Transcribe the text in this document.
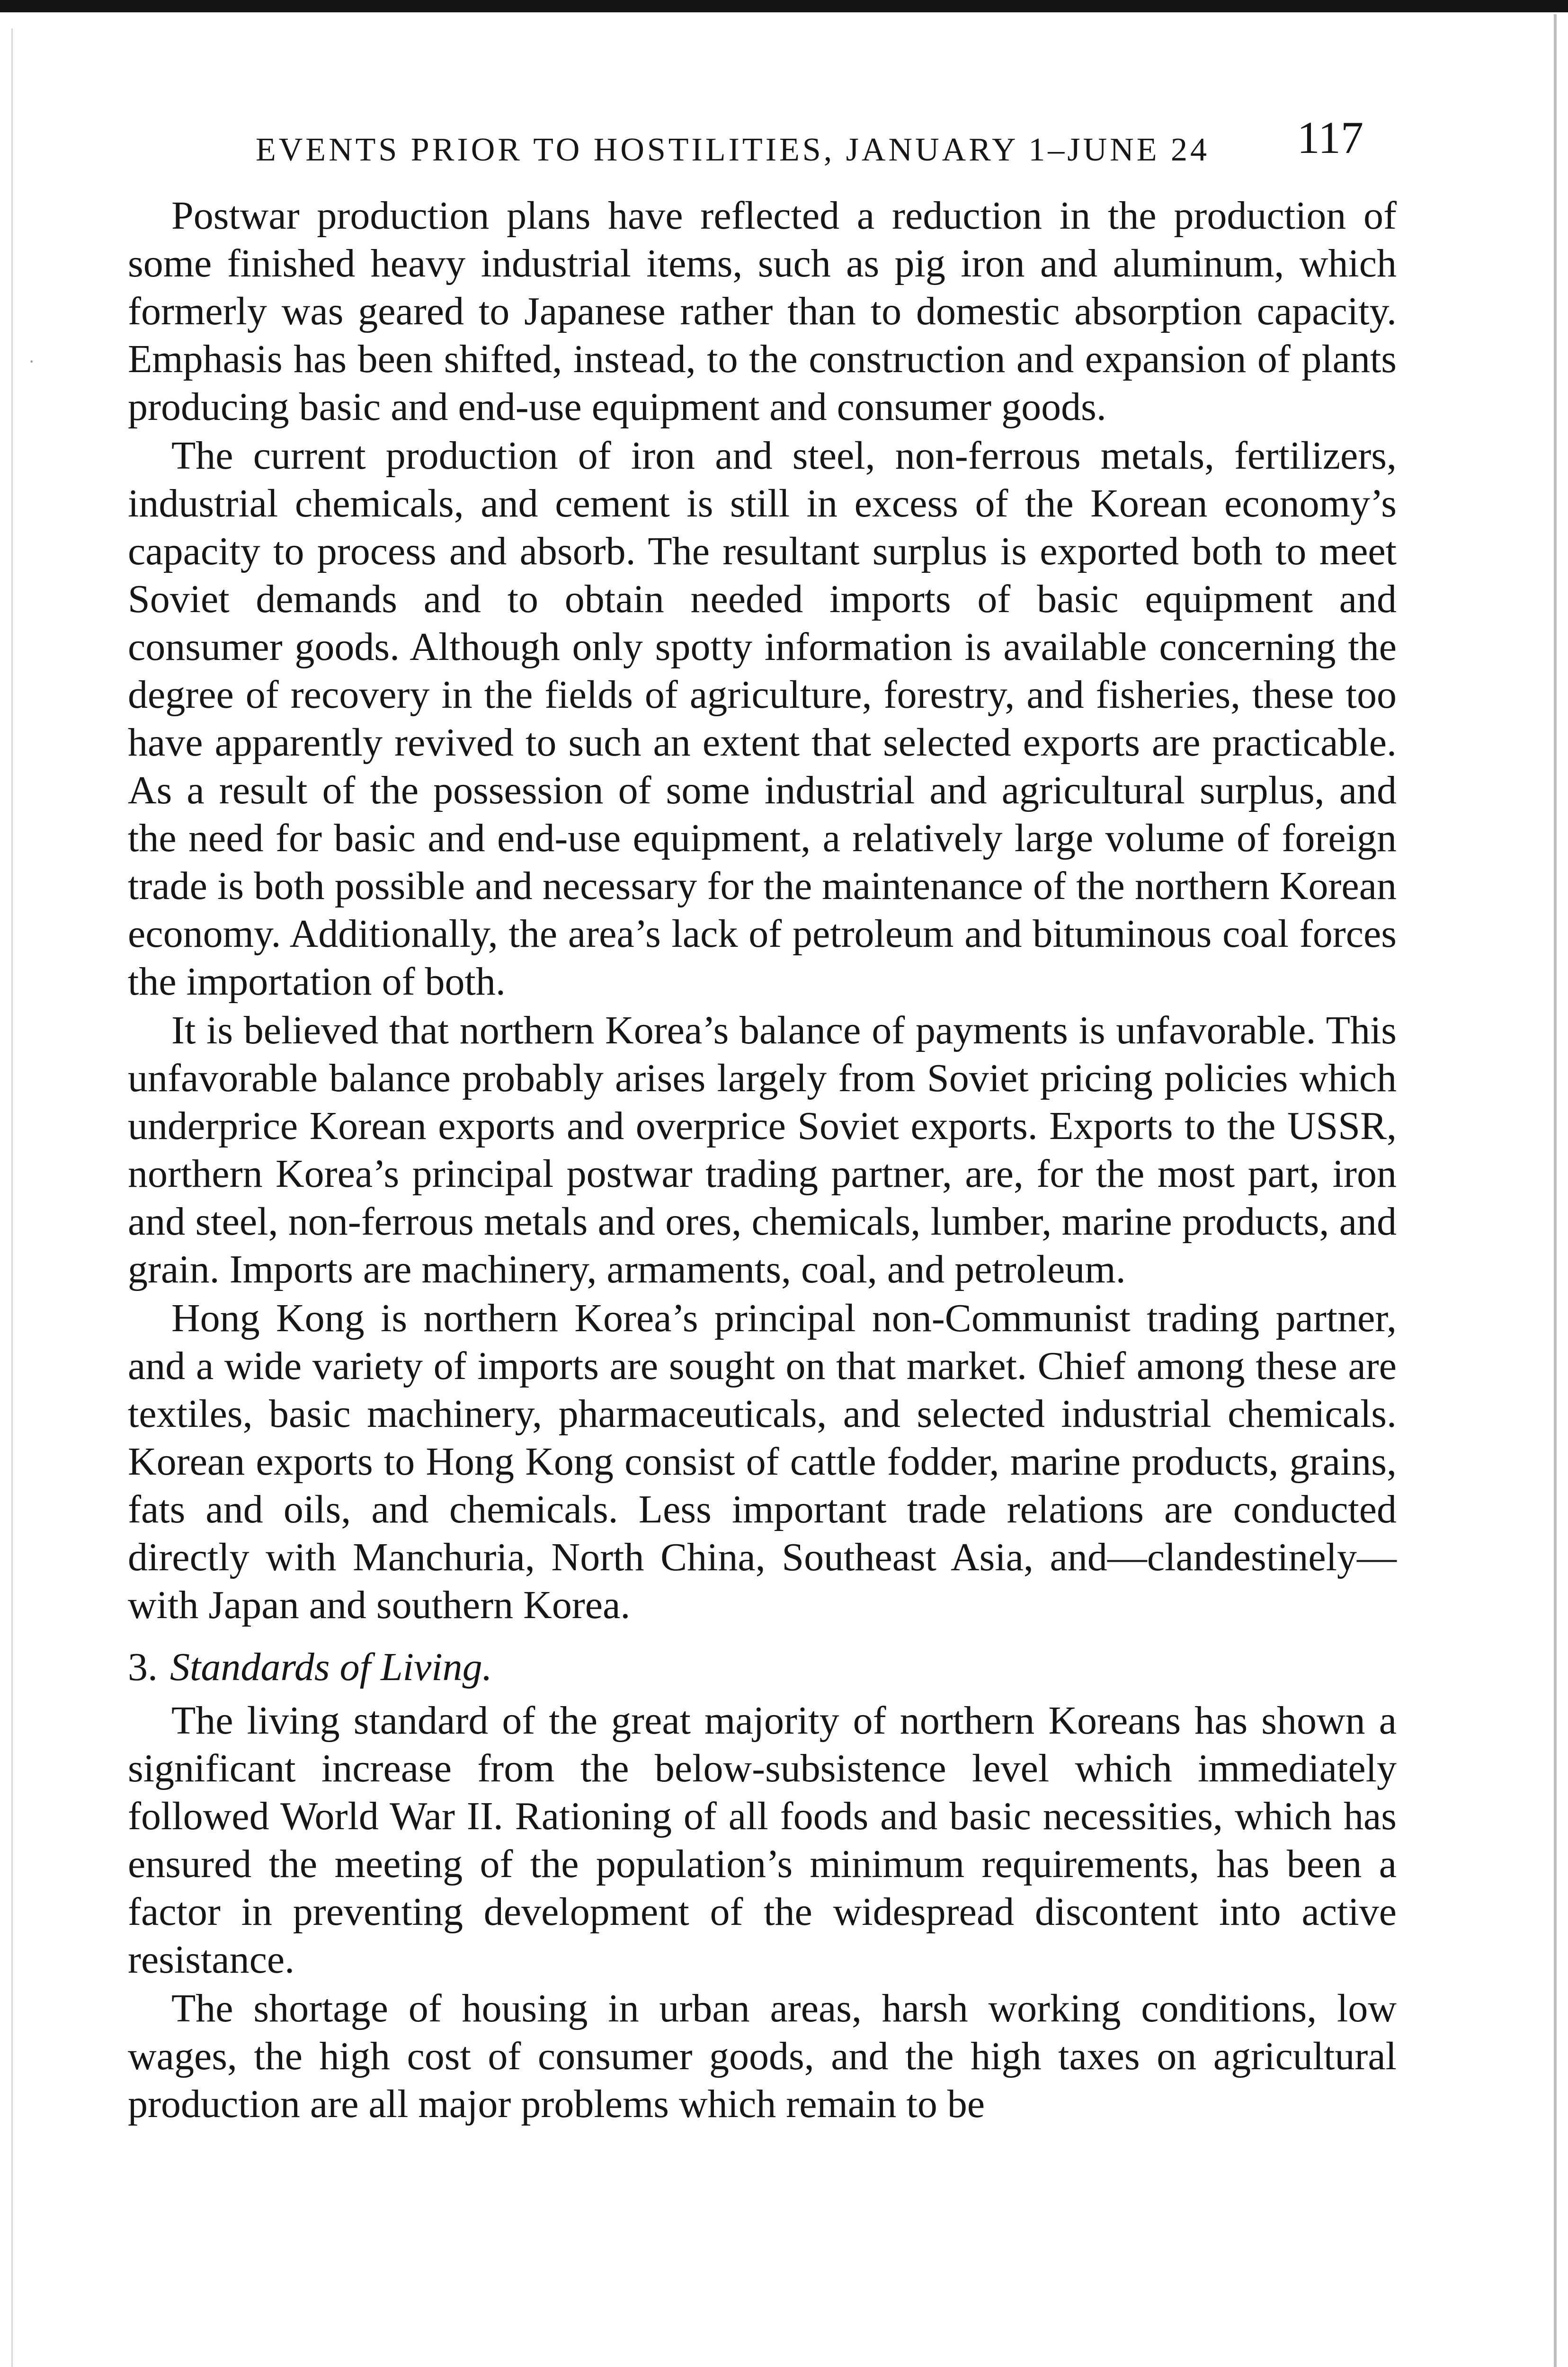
·
EVENTS PRIOR TO HOSTILITIES, JANUARY 1–JUNE 24 117

Postwar production plans have reflected a reduction in the production of some finished heavy industrial items, such as pig iron and aluminum, which formerly was geared to Japanese rather than to domestic absorption capacity. Emphasis has been shifted, instead, to the construction and expansion of plants producing basic and end-use equipment and consumer goods.

The current production of iron and steel, non-ferrous metals, fertilizers, industrial chemicals, and cement is still in excess of the Korean economy’s capacity to process and absorb. The resultant surplus is exported both to meet Soviet demands and to obtain needed imports of basic equipment and consumer goods. Although only spotty information is available concerning the degree of recovery in the fields of agriculture, forestry, and fisheries, these too have apparently revived to such an extent that selected exports are practicable. As a result of the possession of some industrial and agricultural surplus, and the need for basic and end-use equipment, a relatively large volume of foreign trade is both possible and necessary for the maintenance of the northern Korean economy. Additionally, the area’s lack of petroleum and bituminous coal forces the importation of both.

It is believed that northern Korea’s balance of payments is unfavorable. This unfavorable balance probably arises largely from Soviet pricing policies which underprice Korean exports and overprice Soviet exports. Exports to the USSR, northern Korea’s principal postwar trading partner, are, for the most part, iron and steel, non-ferrous metals and ores, chemicals, lumber, marine products, and grain. Imports are machinery, armaments, coal, and petroleum.

Hong Kong is northern Korea’s principal non-Communist trading partner, and a wide variety of imports are sought on that market. Chief among these are textiles, basic machinery, pharmaceuticals, and selected industrial chemicals. Korean exports to Hong Kong consist of cattle fodder, marine products, grains, fats and oils, and chemicals. Less important trade relations are conducted directly with Manchuria, North China, Southeast Asia, and—clandestinely—with Japan and southern Korea.

3. Standards of Living.

The living standard of the great majority of northern Koreans has shown a significant increase from the below-subsistence level which immediately followed World War II. Rationing of all foods and basic necessities, which has ensured the meeting of the population’s minimum requirements, has been a factor in preventing development of the widespread discontent into active resistance.

The shortage of housing in urban areas, harsh working conditions, low wages, the high cost of consumer goods, and the high taxes on agricultural production are all major problems which remain to be
